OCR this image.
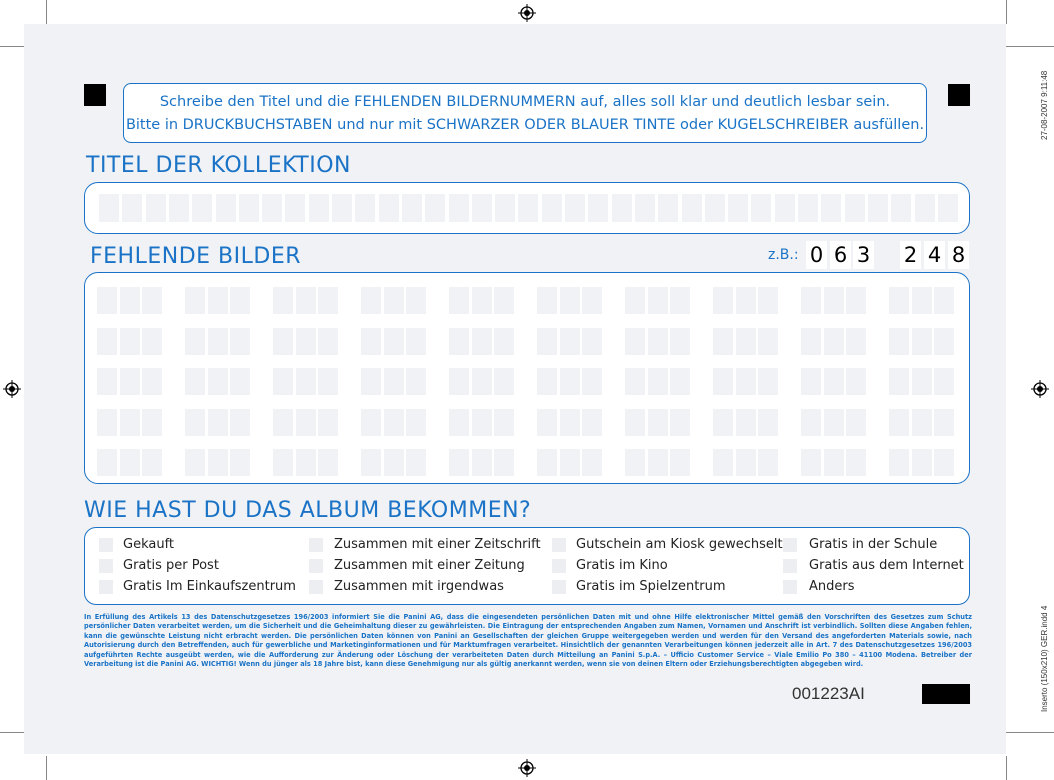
Schreibe den Titel und die FEHLENDEN BILDERNUMMERN auf, alles soll klar und deutlich lesbar sein.
Bitte in DRUCKBUCHSTABEN und nur mit SCHWARZER ODER BLAUER TINTE oder KUGELSCHREIBER ausfüllen.
TITEL DER KOLLEKTION
FEHLENDE BILDER	z.B.: 0 6 3 2 4 8
WIE HAST DU DAS ALBUM BEKOMMEN?
Gekauft
Gratis per Post
Gratis Im Einkaufszentrum
Zusammen mit einer Zeitschrift
Zusammen mit einer Zeitung
Zusammen mit irgendwas
Gutschein am Kiosk gewechselt
Gratis im Kino
Gratis im Spielzentrum
Gratis in der Schule
Gratis aus dem Internet
Anders
In Erfüllung des Artikels 13 des Datenschutzgesetzes 196/2003 informiert Sie die Panini AG, dass die eingesendeten persönlichen Daten mit und ohne Hilfe elektronischer Mittel gemäß den Vorschriften des Gesetzes zum Schutz persönlicher Daten verarbeitet werden, um die Sicherheit und die Geheimhaltung dieser zu gewährleisten. Die Eintragung der entsprechenden Angaben zum Namen, Vornamen und Anschrift ist verbindlich. Sollten diese Angaben fehlen, kann die gewünschte Leistung nicht erbracht werden. Die persönlichen Daten können von Panini an Gesellschaften der gleichen Gruppe weitergegeben werden und werden für den Versand des angeforderten Materials sowie, nach Autorisierung durch den Betreffenden, auch für gewerbliche und Marketinginformationen und für Marktumfragen verarbeitet. Hinsichtlich der genannten Verarbeitungen können jederzeit alle in Art. 7 des Datenschutzgesetzes 196/2003 aufgeführten Rechte ausgeübt werden, wie die Aufforderung zur Änderung oder Löschung der verarbeiteten Daten durch Mitteilung an Panini S.p.A. – Ufficio Customer Service – Viale Emilio Po 380 – 41100 Modena. Betreiber der Verarbeitung ist die Panini AG. WICHTIG! Wenn du jünger als 18 Jahre bist, kann diese Genehmigung nur als gültig anerkannt werden, wenn sie von deinen Eltern oder Erziehungsberechtigten abgegeben wird.
001223AI
27-08-2007 9:11:48
Inserto (150x210) GER.indd 4
